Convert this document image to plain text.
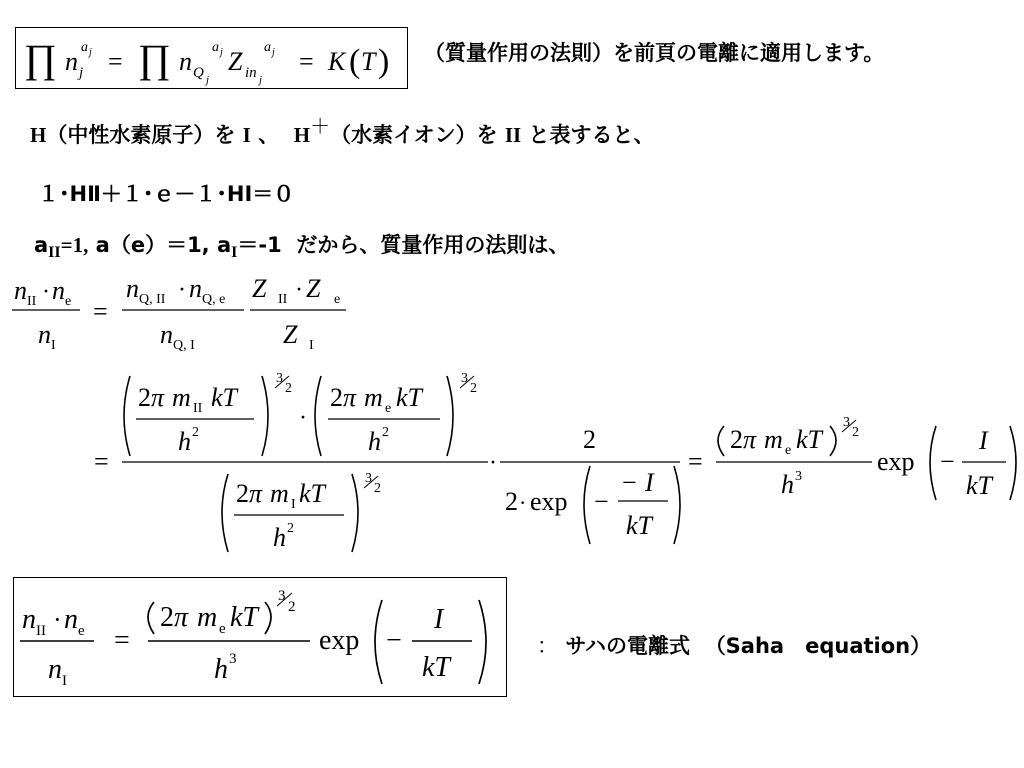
∏ n j
a j = ∏ n Q j
a j Z in j
a j = K ( T ) （質量作用の法則）を前頁の電離に適用します。
H（中性水素原子）を I 、 H＋（水素イオン）を II と表すると、
１･HⅡ＋１･ｅ－１･HⅠ＝０
$a_{II}=1$, a（e）＝1, $a_I=-1$ だから、質量作用の法則は、
n II · n e
n I
=
n Q, II · n Q, e
n Q, I
Z II · Z e
Z I
=
2 π m II kT
h 2
3
2
·
2 π m e kT
h 2
3
2
2 π m I kT
h 2
3
2
·
2
2 · exp −
− I
kT
=
2 π m e kT
3
2
h 3
exp −
I
kT
n II · n e
n I
=
2 π m e kT
3
2
h 3
exp −
I
kT
： サハの電離式 （Saha　equation）
